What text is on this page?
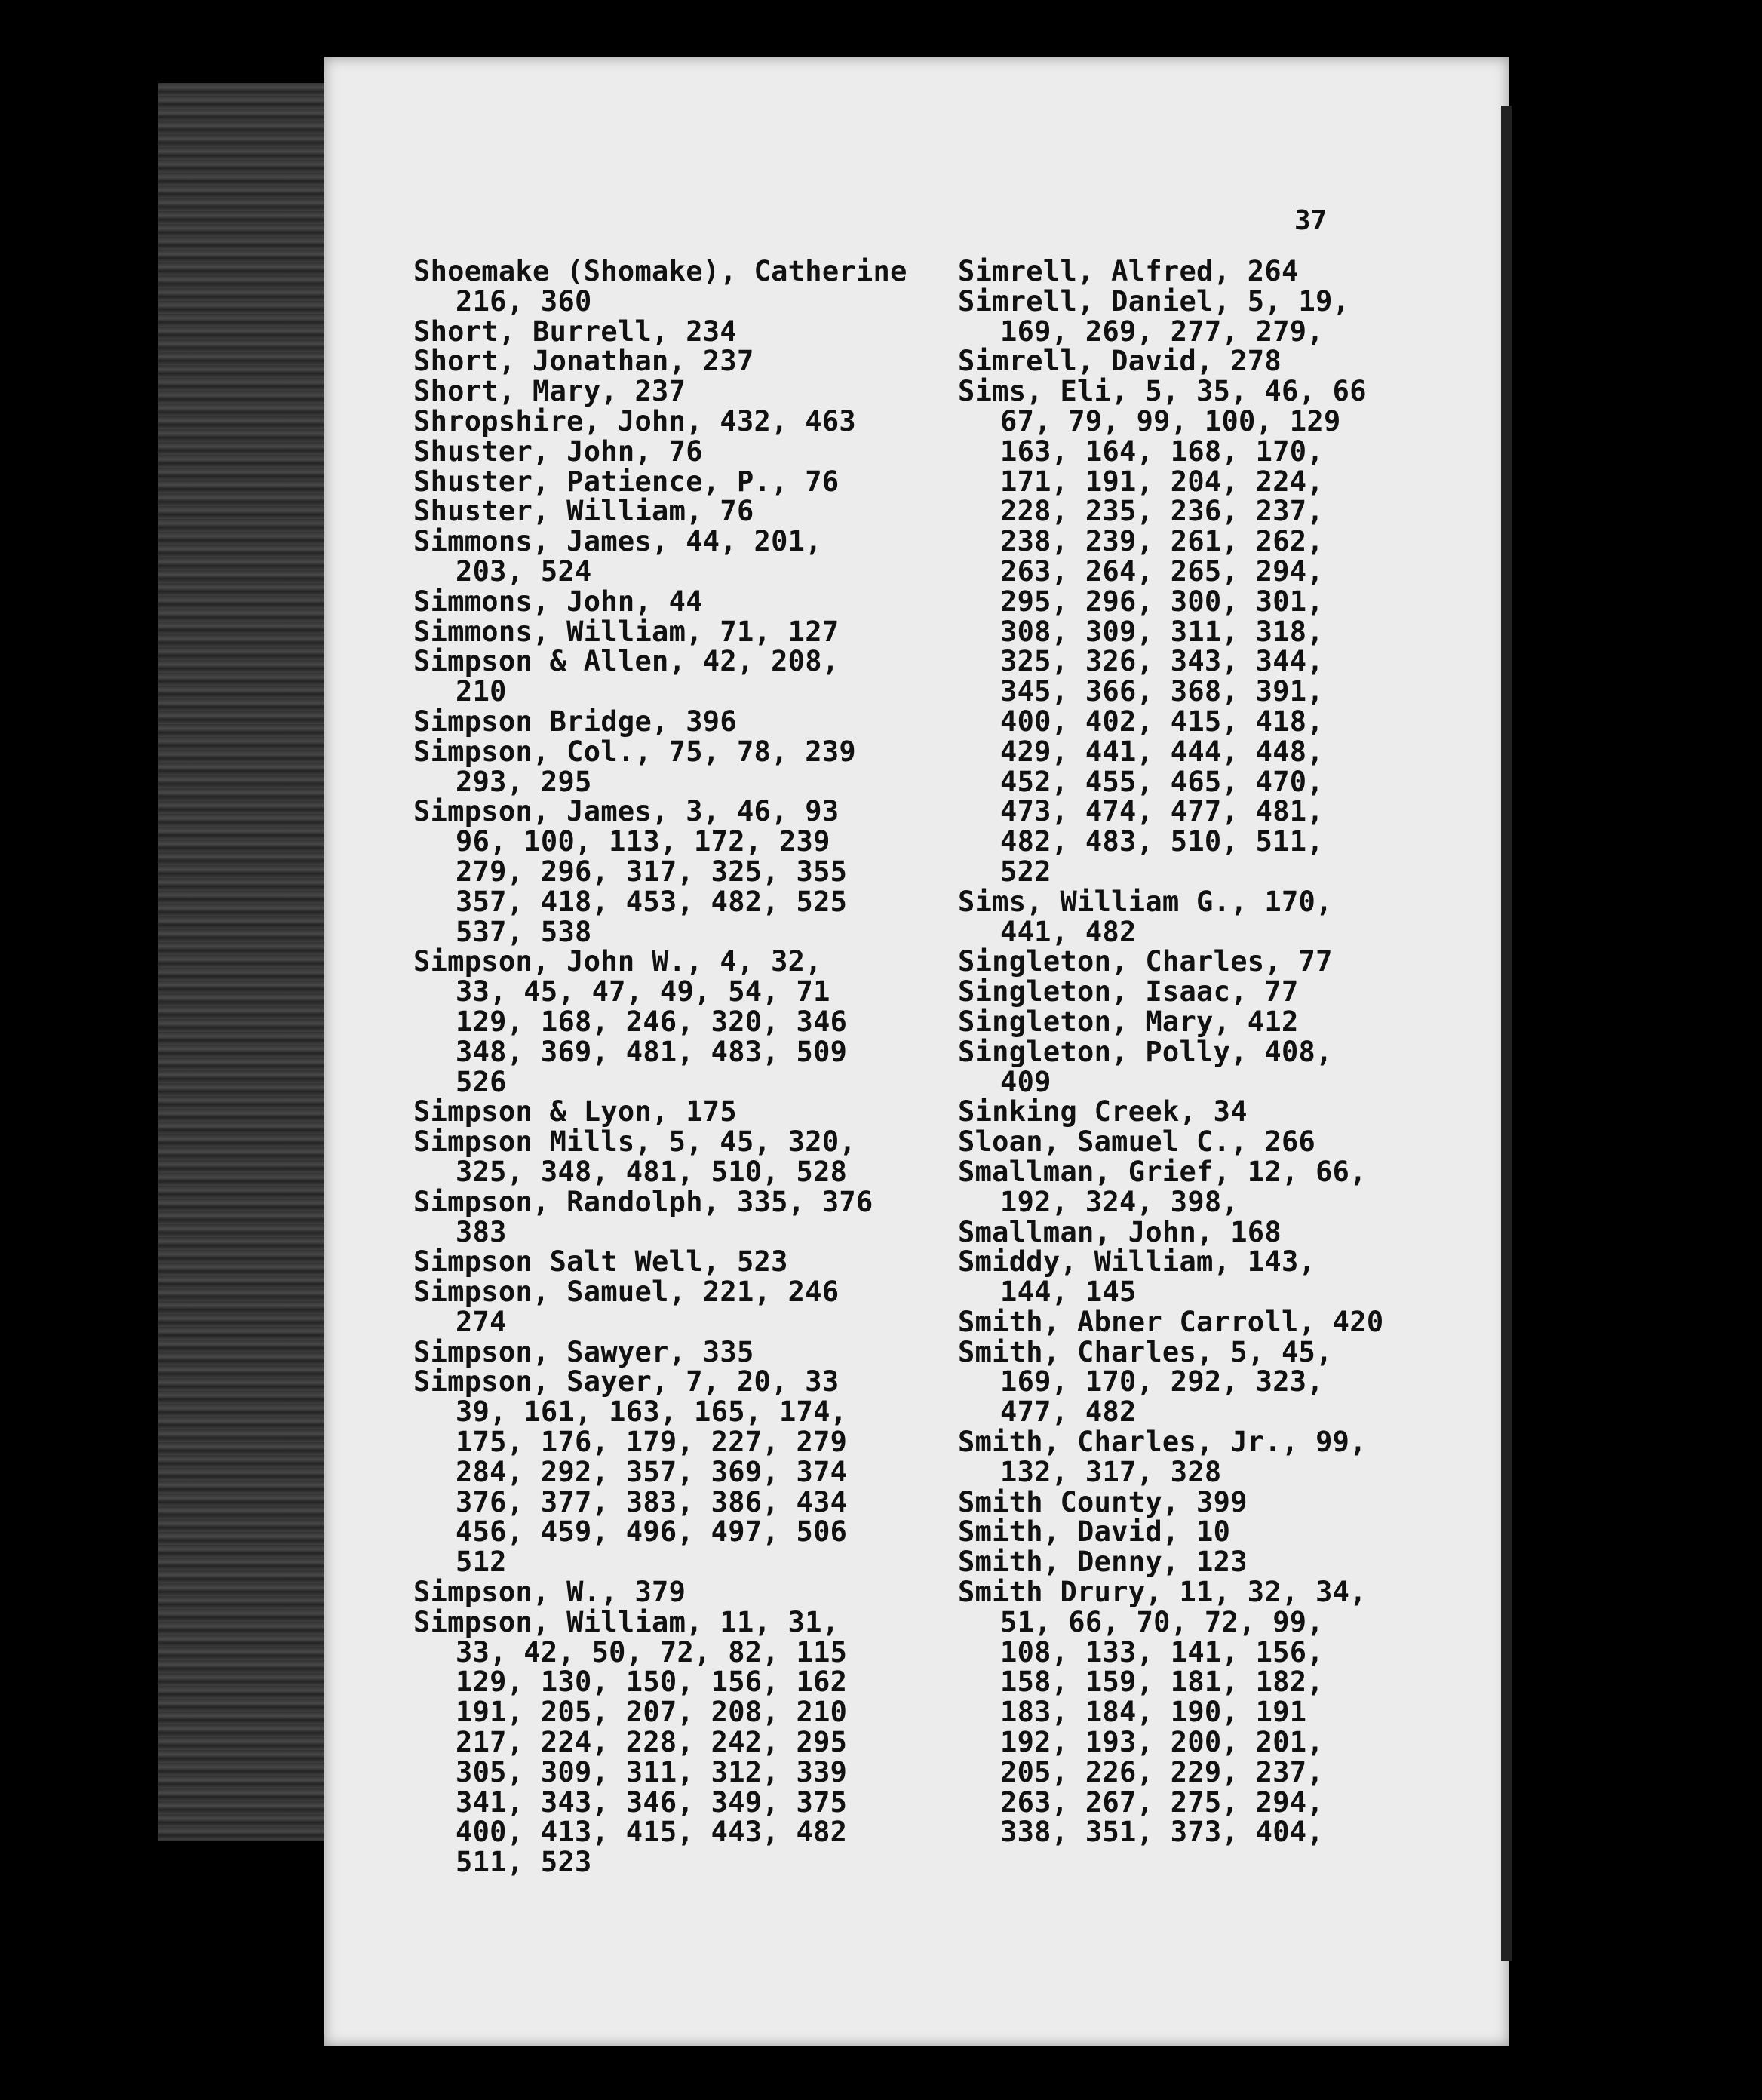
37
Shoemake (Shomake), Catherine
216, 360
Short, Burrell, 234
Short, Jonathan, 237
Short, Mary, 237
Shropshire, John, 432, 463
Shuster, John, 76
Shuster, Patience, P., 76
Shuster, William, 76
Simmons, James, 44, 201,
203, 524
Simmons, John, 44
Simmons, William, 71, 127
Simpson & Allen, 42, 208,
210
Simpson Bridge, 396
Simpson, Col., 75, 78, 239
293, 295
Simpson, James, 3, 46, 93
96, 100, 113, 172, 239
279, 296, 317, 325, 355
357, 418, 453, 482, 525
537, 538
Simpson, John W., 4, 32,
33, 45, 47, 49, 54, 71
129, 168, 246, 320, 346
348, 369, 481, 483, 509
526
Simpson & Lyon, 175
Simpson Mills, 5, 45, 320,
325, 348, 481, 510, 528
Simpson, Randolph, 335, 376
383
Simpson Salt Well, 523
Simpson, Samuel, 221, 246
274
Simpson, Sawyer, 335
Simpson, Sayer, 7, 20, 33
39, 161, 163, 165, 174,
175, 176, 179, 227, 279
284, 292, 357, 369, 374
376, 377, 383, 386, 434
456, 459, 496, 497, 506
512
Simpson, W., 379
Simpson, William, 11, 31,
33, 42, 50, 72, 82, 115
129, 130, 150, 156, 162
191, 205, 207, 208, 210
217, 224, 228, 242, 295
305, 309, 311, 312, 339
341, 343, 346, 349, 375
400, 413, 415, 443, 482
511, 523
Simrell, Alfred, 264
Simrell, Daniel, 5, 19,
169, 269, 277, 279,
Simrell, David, 278
Sims, Eli, 5, 35, 46, 66
67, 79, 99, 100, 129
163, 164, 168, 170,
171, 191, 204, 224,
228, 235, 236, 237,
238, 239, 261, 262,
263, 264, 265, 294,
295, 296, 300, 301,
308, 309, 311, 318,
325, 326, 343, 344,
345, 366, 368, 391,
400, 402, 415, 418,
429, 441, 444, 448,
452, 455, 465, 470,
473, 474, 477, 481,
482, 483, 510, 511,
522
Sims, William G., 170,
441, 482
Singleton, Charles, 77
Singleton, Isaac, 77
Singleton, Mary, 412
Singleton, Polly, 408,
409
Sinking Creek, 34
Sloan, Samuel C., 266
Smallman, Grief, 12, 66,
192, 324, 398,
Smallman, John, 168
Smiddy, William, 143,
144, 145
Smith, Abner Carroll, 420
Smith, Charles, 5, 45,
169, 170, 292, 323,
477, 482
Smith, Charles, Jr., 99,
132, 317, 328
Smith County, 399
Smith, David, 10
Smith, Denny, 123
Smith Drury, 11, 32, 34,
51, 66, 70, 72, 99,
108, 133, 141, 156,
158, 159, 181, 182,
183, 184, 190, 191
192, 193, 200, 201,
205, 226, 229, 237,
263, 267, 275, 294,
338, 351, 373, 404,
